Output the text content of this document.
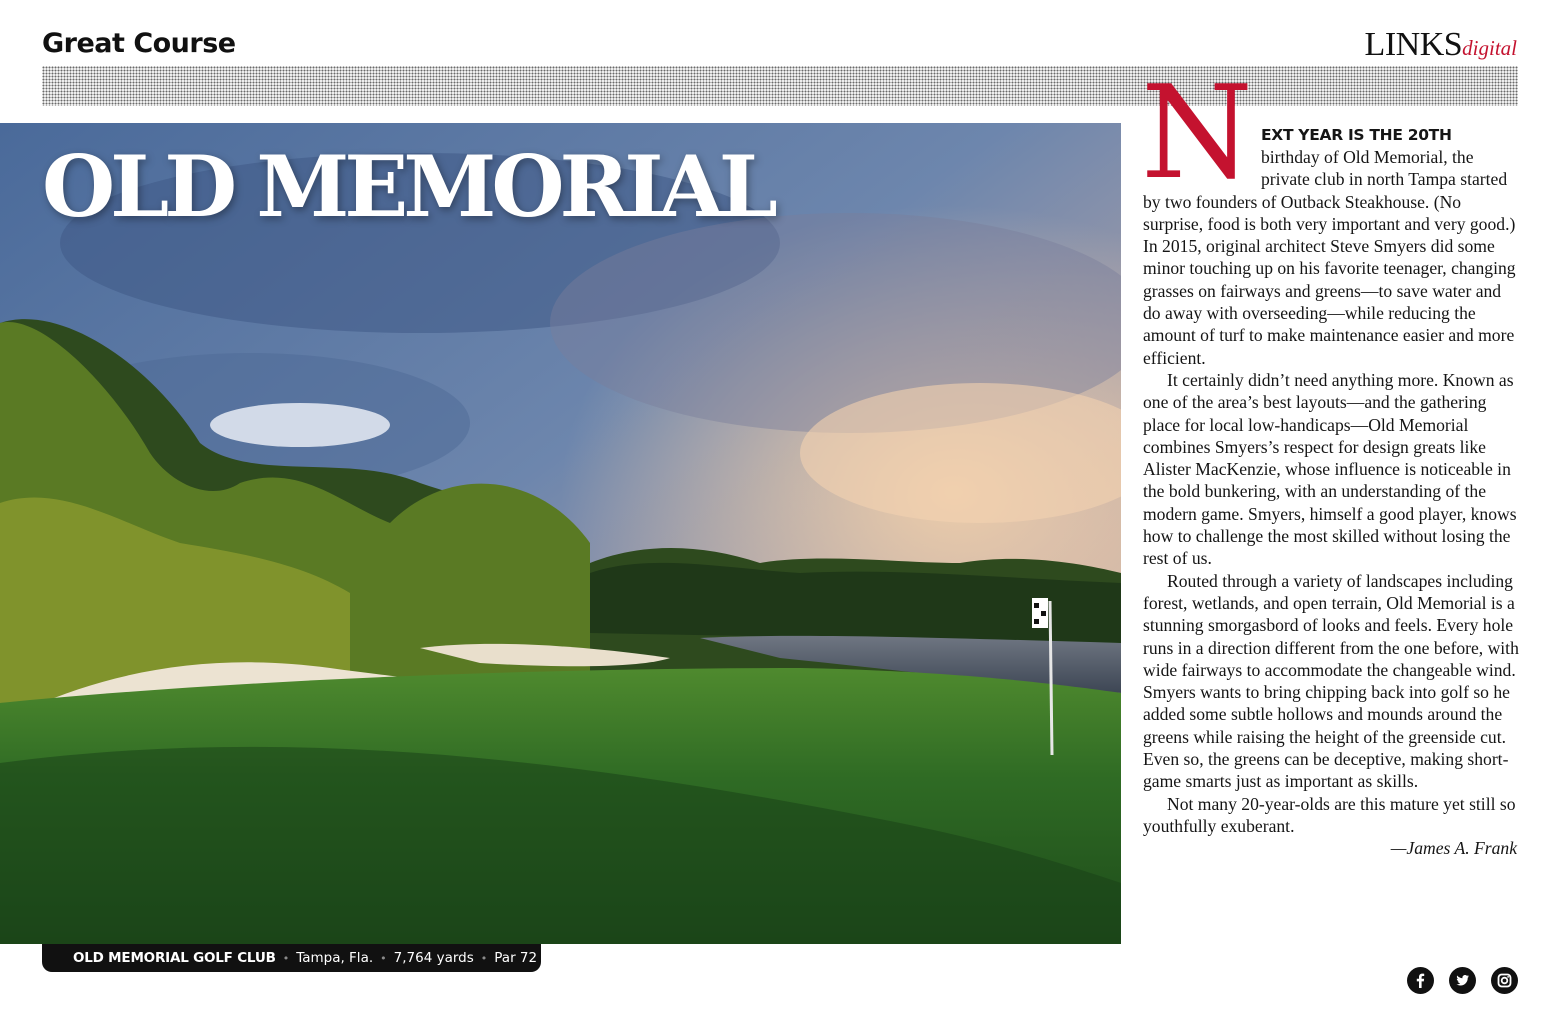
Great Course	LINKSdigital
OLD MEMORIAL
OLD MEMORIAL GOLF CLUB • Tampa, Fla. • 7,764 yards • Par 72

N EXT YEAR IS THE 20TH
birthday of Old Memorial, the private club in north Tampa started by two founders of Outback Steakhouse. (No surprise, food is both very important and very good.) In 2015, original architect Steve Smyers did some minor touching up on his favorite teenager, changing grasses on fairways and greens—to save water and do away with overseeding—while reducing the amount of turf to make maintenance easier and more efficient.

It certainly didn’t need anything more. Known as one of the area’s best layouts—and the gathering place for local low-handicaps—Old Memorial combines Smyers’s respect for design greats like Alister MacKenzie, whose influence is noticeable in the bold bunkering, with an understanding of the modern game. Smyers, himself a good player, knows how to challenge the most skilled without losing the rest of us.

Routed through a variety of landscapes including forest, wetlands, and open terrain, Old Memorial is a stunning smorgasbord of looks and feels. Every hole runs in a direction different from the one before, with wide fairways to accommodate the changeable wind. Smyers wants to bring chipping back into golf so he added some subtle hollows and mounds around the greens while raising the height of the greenside cut. Even so, the greens can be deceptive, making short-game smarts just as important as skills.

Not many 20-year-olds are this mature yet still so youthfully exuberant.

—James A. Frank
